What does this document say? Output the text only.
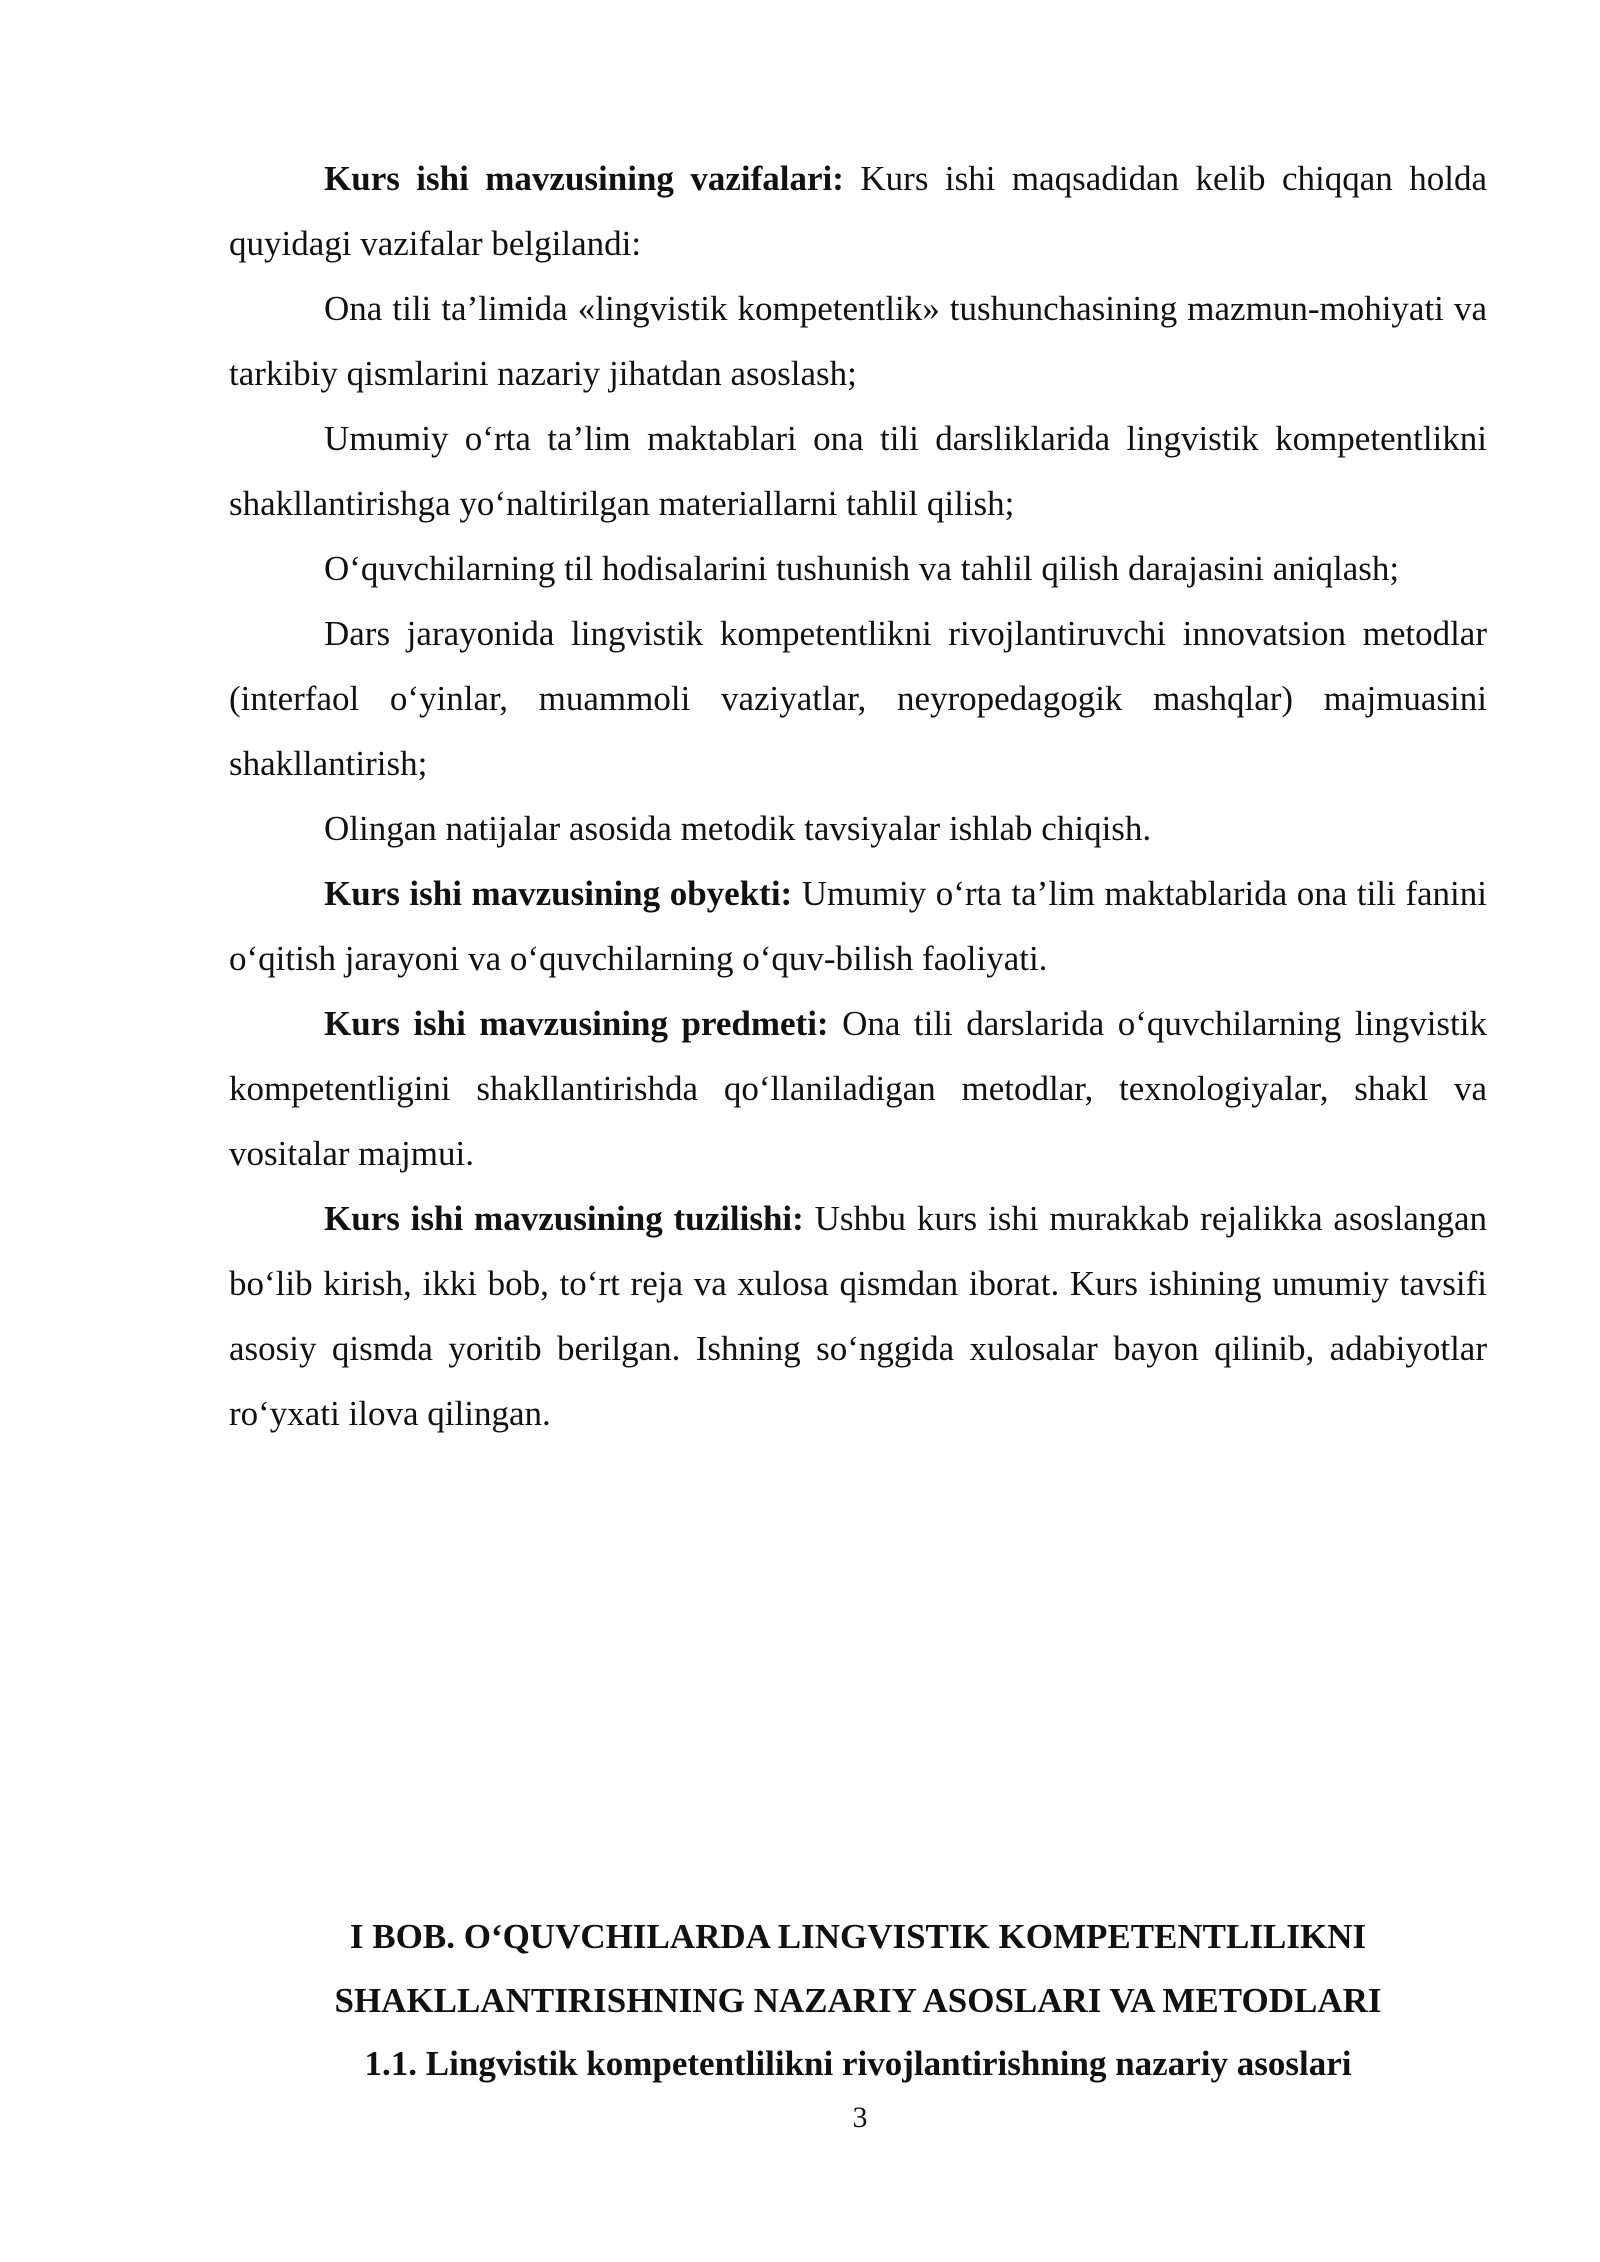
Kurs ishi mavzusining vazifalari: Kurs ishi maqsadidan kelib chiqqan holda quyidagi vazifalar belgilandi:

Ona tili ta’limida «lingvistik kompetentlik» tushunchasining mazmun-mohiyati va tarkibiy qismlarini nazariy jihatdan asoslash;

Umumiy o‘rta ta’lim maktablari ona tili darsliklarida lingvistik kompetentlikni shakllantirishga yo‘naltirilgan materiallarni tahlil qilish;

O‘quvchilarning til hodisalarini tushunish va tahlil qilish darajasini aniqlash;

Dars jarayonida lingvistik kompetentlikni rivojlantiruvchi innovatsion metodlar (interfaol o‘yinlar, muammoli vaziyatlar, neyropedagogik mashqlar) majmuasini shakllantirish;

Olingan natijalar asosida metodik tavsiyalar ishlab chiqish.

Kurs ishi mavzusining obyekti: Umumiy o‘rta ta’lim maktablarida ona tili fanini o‘qitish jarayoni va o‘quvchilarning o‘quv-bilish faoliyati.

Kurs ishi mavzusining predmeti: Ona tili darslarida o‘quvchilarning lingvistik kompetentligini shakllantirishda qo‘llaniladigan metodlar, texnologiyalar, shakl va vositalar majmui.

Kurs ishi mavzusining tuzilishi: Ushbu kurs ishi murakkab rejalikka asoslangan bo‘lib kirish, ikki bob, to‘rt reja va xulosa qismdan iborat. Kurs ishining umumiy tavsifi asosiy qismda yoritib berilgan. Ishning so‘nggida xulosalar bayon qilinib, adabiyotlar ro‘yxati ilova qilingan.

I BOB. O‘QUVCHILARDA LINGVISTIK KOMPETENTLILIKNI
SHAKLLANTIRISHNING NAZARIY ASOSLARI VA METODLARI
1.1. Lingvistik kompetentlilikni rivojlantirishning nazariy asoslari
3
